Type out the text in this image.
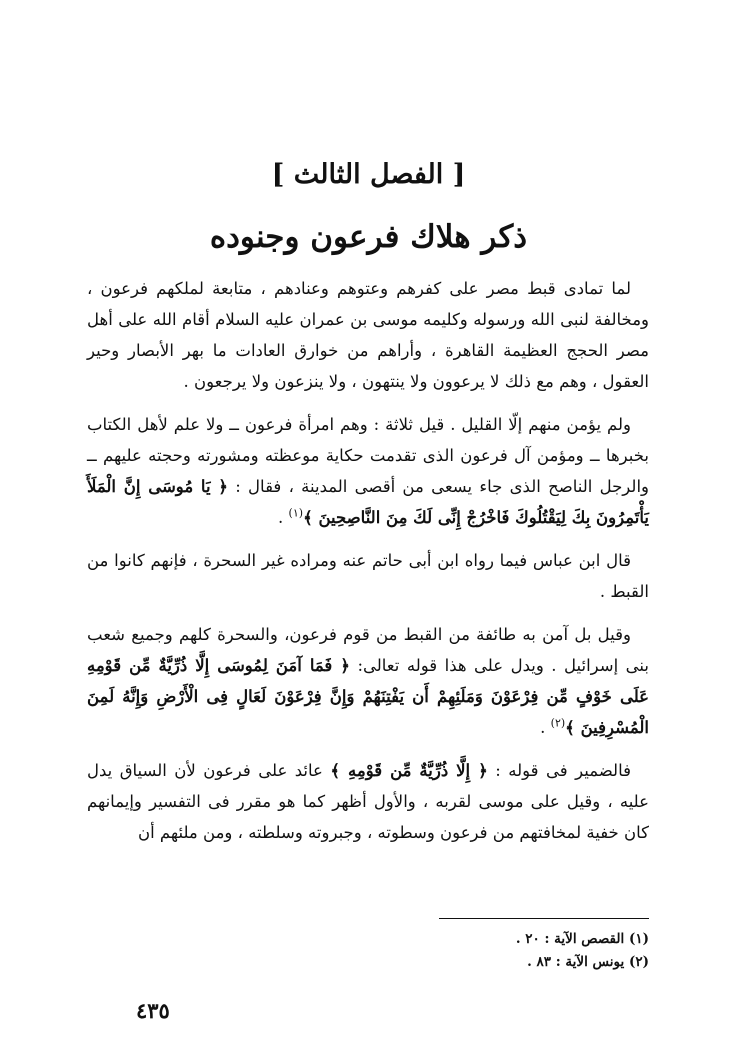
[ الفصل الثالث ]
ذكر هلاك فرعون وجنوده

لما تمادى قبط مصر على كفرهم وعتوهم وعنادهم ، متابعة لملكهم فرعون ، ومخالفة لنبى الله ورسوله وكليمه موسى بن عمران عليه السلام أقام الله على أهل مصر الحجج العظيمة القاهرة ، وأراهم من خوارق العادات ما بهر الأبصار وحير العقول ، وهم مع ذلك لا يرعوون ولا ينتهون ، ولا ينزعون ولا يرجعون .

ولم يؤمن منهم إلّا القليل . قيل ثلاثة : وهم امرأة فرعون ــ ولا علم لأهل الكتاب بخبرها ــ ومؤمن آل فرعون الذى تقدمت حكاية موعظته ومشورته وحجته عليهم ــ والرجل الناصح الذى جاء يسعى من أقصى المدينة ، فقال : ﴿ يَا مُوسَى إِنَّ الْمَلَأَ يَأْتَمِرُونَ بِكَ لِيَقْتُلُوكَ فَاخْرُجْ إِنِّى لَكَ مِنَ النَّاصِحِينَ ﴾$^{(١)}$ .

قال ابن عباس فيما رواه ابن أبى حاتم عنه ومراده غير السحرة ، فإنهم كانوا من القبط .

وقيل بل آمن به طائفة من القبط من قوم فرعون، والسحرة كلهم وجميع شعب بنى إسرائيل . ويدل على هذا قوله تعالى: ﴿ فَمَا آمَنَ لِمُوسَى إِلَّا ذُرِّيَّةٌ مِّن قَوْمِهِ عَلَى خَوْفٍ مِّن فِرْعَوْنَ وَمَلَئِهِمْ أَن يَفْتِنَهُمْ وَإِنَّ فِرْعَوْنَ لَعَالٍ فِى الْأَرْضِ وَإِنَّهُ لَمِنَ الْمُسْرِفِينَ ﴾$^{(٢)}$ .

فالضمير فى قوله : ﴿ إِلَّا ذُرِّيَّةٌ مِّن قَوْمِهِ ﴾ عائد على فرعون لأن السياق يدل عليه ، وقيل على موسى لقربه ، والأول أظهر كما هو مقرر فى التفسير وإيمانهم كان خفية لمخافتهم من فرعون وسطوته ، وجبروته وسلطته ، ومن ملئهم أن

(١) القصص الآية : ٢٠ .
(٢) يونس الآية : ٨٣ .
٤٣٥
